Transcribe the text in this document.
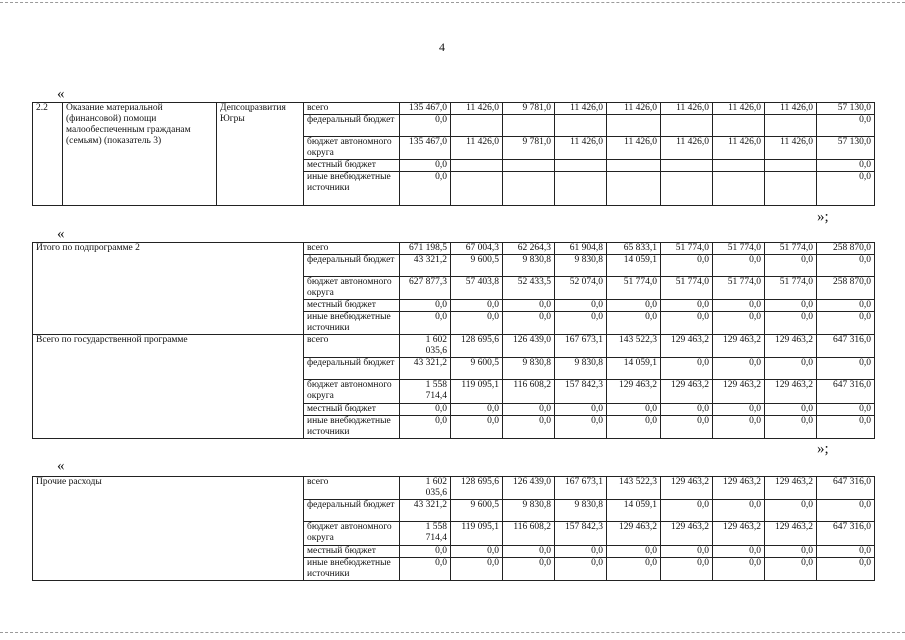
4
«
2.2	Оказание материальной (финансовой) помощи малообеспеченным гражданам (семьям) (показатель 3)	Депсоцразвития Югры	всего	135 467,0	11 426,0	9 781,0	11 426,0	11 426,0	11 426,0	11 426,0	11 426,0	57 130,0
			федеральный бюджет	0,0								0,0
			бюджет автономного округа	135 467,0	11 426,0	9 781,0	11 426,0	11 426,0	11 426,0	11 426,0	11 426,0	57 130,0
			местный бюджет	0,0								0,0
			иные внебюджетные источники	0,0								0,0
»;
«
Итого по подпрограмме 2	всего	671 198,5	67 004,3	62 264,3	61 904,8	65 833,1	51 774,0	51 774,0	51 774,0	258 870,0
	федеральный бюджет	43 321,2	9 600,5	9 830,8	9 830,8	14 059,1	0,0	0,0	0,0	0,0
	бюджет автономного округа	627 877,3	57 403,8	52 433,5	52 074,0	51 774,0	51 774,0	51 774,0	51 774,0	258 870,0
	местный бюджет	0,0	0,0	0,0	0,0	0,0	0,0	0,0	0,0	0,0
	иные внебюджетные источники	0,0	0,0	0,0	0,0	0,0	0,0	0,0	0,0	0,0
Всего по государственной программе	всего	1 602 035,6	128 695,6	126 439,0	167 673,1	143 522,3	129 463,2	129 463,2	129 463,2	647 316,0
	федеральный бюджет	43 321,2	9 600,5	9 830,8	9 830,8	14 059,1	0,0	0,0	0,0	0,0
	бюджет автономного округа	1 558 714,4	119 095,1	116 608,2	157 842,3	129 463,2	129 463,2	129 463,2	129 463,2	647 316,0
	местный бюджет	0,0	0,0	0,0	0,0	0,0	0,0	0,0	0,0	0,0
	иные внебюджетные источники	0,0	0,0	0,0	0,0	0,0	0,0	0,0	0,0	0,0
»;
«
Прочие расходы	всего	1 602 035,6	128 695,6	126 439,0	167 673,1	143 522,3	129 463,2	129 463,2	129 463,2	647 316,0
	федеральный бюджет	43 321,2	9 600,5	9 830,8	9 830,8	14 059,1	0,0	0,0	0,0	0,0
	бюджет автономного округа	1 558 714,4	119 095,1	116 608,2	157 842,3	129 463,2	129 463,2	129 463,2	129 463,2	647 316,0
	местный бюджет	0,0	0,0	0,0	0,0	0,0	0,0	0,0	0,0	0,0
	иные внебюджетные источники	0,0	0,0	0,0	0,0	0,0	0,0	0,0	0,0	0,0
